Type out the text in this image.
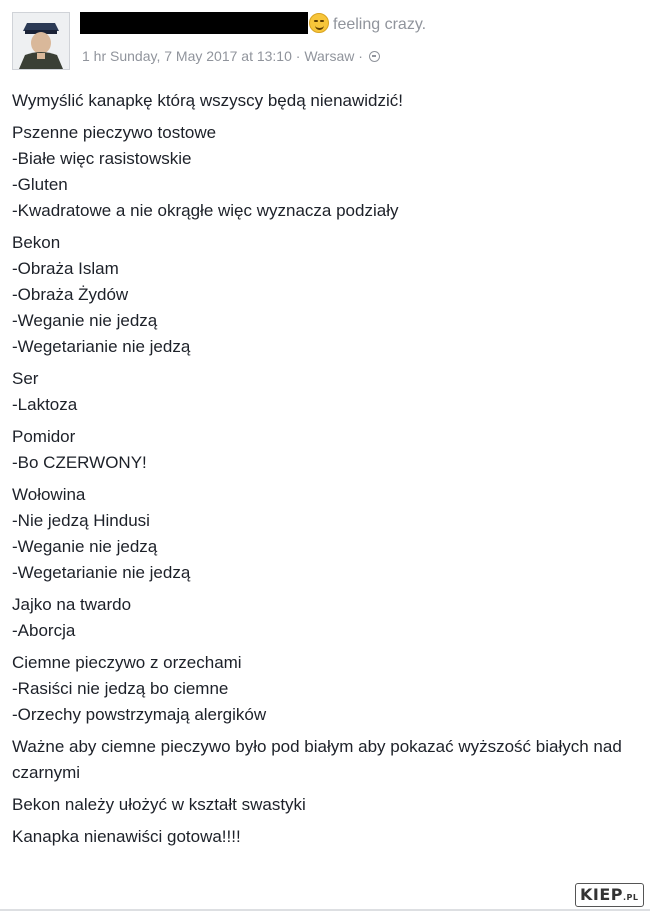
feeling crazy.
1 hr Sunday, 7 May 2017 at 13:10 · Warsaw ·
Wymyślić kanapkę którą wszyscy będą nienawidzić!
Pszenne pieczywo tostowe
-Białe więc rasistowskie
-Gluten
-Kwadratowe a nie okrągłe więc wyznacza podziały
Bekon
-Obraża Islam
-Obraża Żydów
-Weganie nie jedzą
-Wegetarianie nie jedzą
Ser
-Laktoza
Pomidor
-Bo CZERWONY!
Wołowina
-Nie jedzą Hindusi
-Weganie nie jedzą
-Wegetarianie nie jedzą
Jajko na twardo
-Aborcja
Ciemne pieczywo z orzechami
-Rasiści nie jedzą bo ciemne
-Orzechy powstrzymają alergików
Ważne aby ciemne pieczywo było pod białym aby pokazać wyższość białych nad czarnymi
Bekon należy ułożyć w kształt swastyki
Kanapka nienawiści gotowa!!!!
KIEP.PL
